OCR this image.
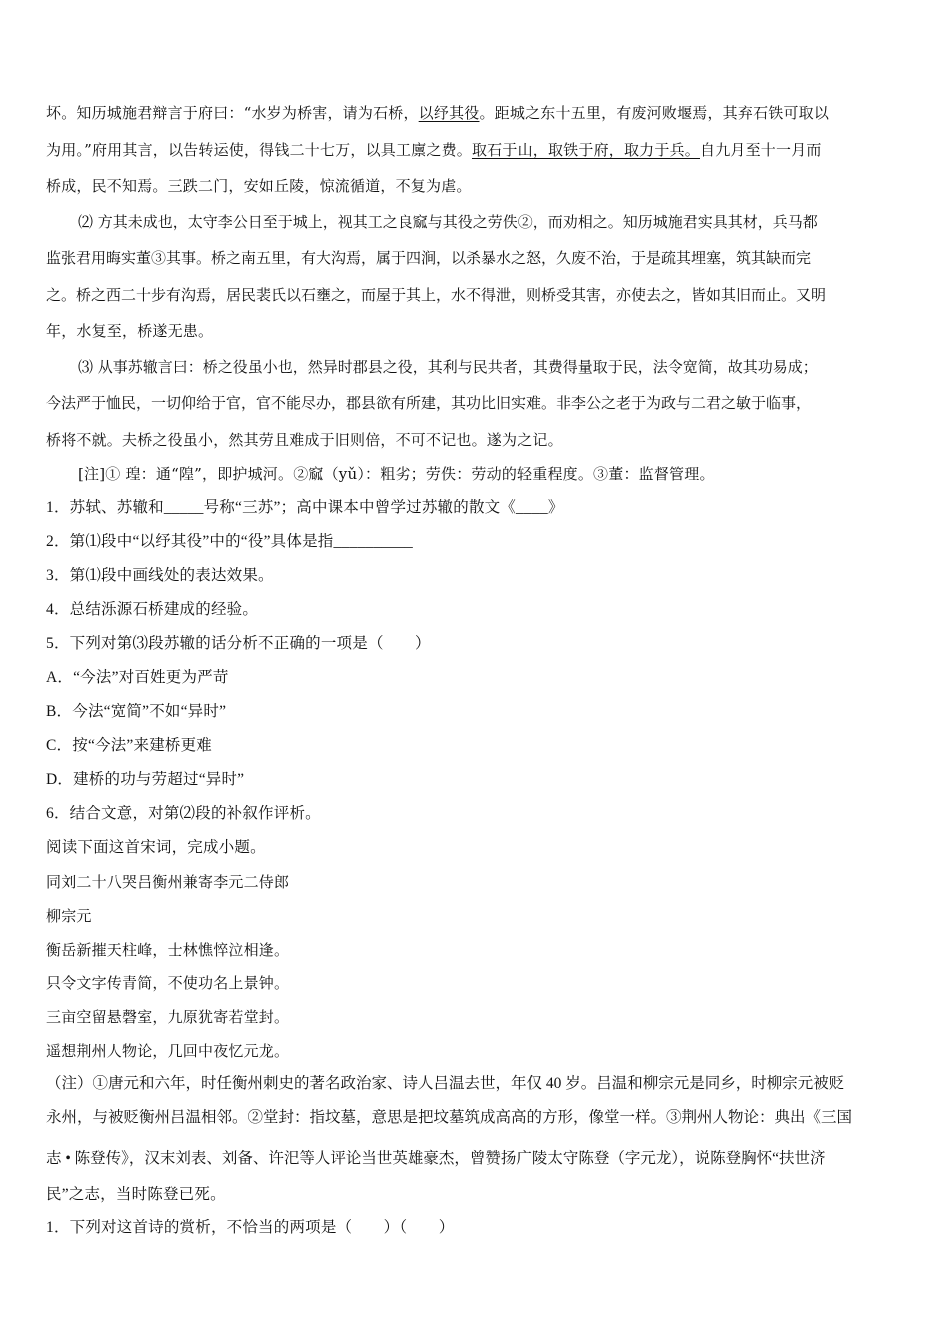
坏。知历城施君辩言于府曰：“水岁为桥害，请为石桥，以纾其役。距城之东十五里，有废河败堰焉，其弃石铁可取以
为用。”府用其言，以告转运使，得钱二十七万，以具工廪之费。取石于山，取铁于府，取力于兵。自九月至十一月而
桥成，民不知焉。三跌二门，安如丘陵，惊流循道，不复为虐。
⑵ 方其未成也，太守李公日至于城上，视其工之良窳与其役之劳佚②，而劝相之。知历城施君实具其材，兵马都
监张君用晦实董③其事。桥之南五里，有大沟焉，属于四涧，以杀暴水之怒，久废不治，于是疏其埋塞，筑其缺而完
之。桥之西二十步有沟焉，居民裴氏以石壅之，而屋于其上，水不得泄，则桥受其害，亦使去之，皆如其旧而止。又明
年，水复至，桥遂无患。
⑶ 从事苏辙言曰：桥之役虽小也，然异时郡县之役，其利与民共者，其费得量取于民，法令宽简，故其功易成；
今法严于恤民，一切仰给于官，官不能尽办，郡县欲有所建，其功比旧实难。非李公之老于为政与二君之敏于临事，
桥将不就。夫桥之役虽小，然其劳且难成于旧则倍，不可不记也。遂为之记。
[注]① 瑝：通“隍”，即护城河。②窳（yǔ）：粗劣；劳佚：劳动的轻重程度。③董：监督管理。
1．苏轼、苏辙和_____号称“三苏”；高中课本中曾学过苏辙的散文《____》
2．第⑴段中“以纾其役”中的“役”具体是指__________
3．第⑴段中画线处的表达效果。
4．总结泺源石桥建成的经验。
5．下列对第⑶段苏辙的话分析不正确的一项是（　　）
A．“今法”对百姓更为严苛
B．今法“宽简”不如“异时”
C．按“今法”来建桥更难
D．建桥的功与劳超过“异时”
6．结合文意，对第⑵段的补叙作评析。
阅读下面这首宋词，完成小题。
同刘二十八哭吕衡州兼寄李元二侍郎
柳宗元
衡岳新摧天柱峰，士林憔悴泣相逢。
只令文字传青简，不使功名上景钟。
三亩空留悬磬室，九原犹寄若堂封。
遥想荆州人物论，几回中夜忆元龙。
（注）①唐元和六年，时任衡州刺史的著名政治家、诗人吕温去世，年仅 40 岁。吕温和柳宗元是同乡，时柳宗元被贬
永州，与被贬衡州吕温相邻。②堂封：指坟墓，意思是把坟墓筑成高高的方形，像堂一样。③荆州人物论：典出《三国
志 • 陈登传》，汉末刘表、刘备、许汜等人评论当世英雄豪杰，曾赞扬广陵太守陈登（字元龙），说陈登胸怀“扶世济
民”之志，当时陈登已死。
1．下列对这首诗的赏析，不恰当的两项是（　　）（　　）
